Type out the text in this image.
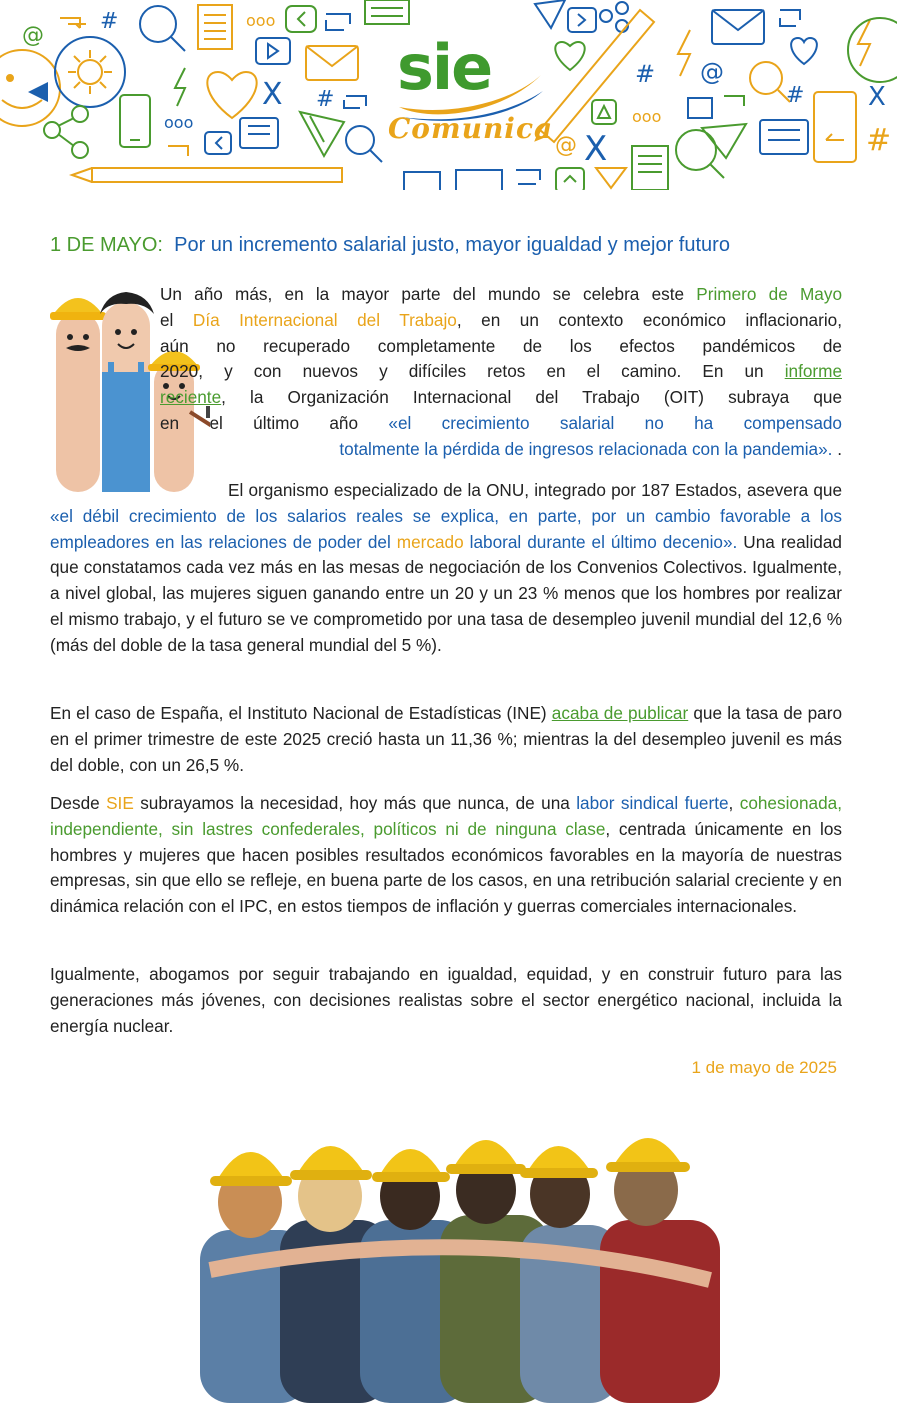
@
#	ooo
X #
ooo
# @
X
#
ooo
#
@ X
sie
Comunica
1 DE MAYO: Por un incremento salarial justo, mayor igualdad y mejor futuro
Un año más, en la mayor parte del mundo se celebra este Primero de Mayo
el Día Internacional del Trabajo, en un contexto económico inflacionario,
aún no recuperado completamente de los efectos pandémicos de
2020, y con nuevos y difíciles retos en el camino. En un informe
reciente, la Organización Internacional del Trabajo (OIT) subraya que
en el último año «el crecimiento salarial no ha compensado
totalmente la pérdida de ingresos relacionada con la pandemia». .
El organismo especializado de la ONU, integrado por 187 Estados, asevera que «el débil crecimiento de los salarios reales se explica, en parte, por un cambio favorable a los empleadores en las relaciones de poder del mercado laboral durante el último decenio». Una realidad que constatamos cada vez más en las mesas de negociación de los Convenios Colectivos. Igualmente, a nivel global, las mujeres siguen ganando entre un 20 y un 23 % menos que los hombres por realizar el mismo trabajo, y el futuro se ve comprometido por una tasa de desempleo juvenil mundial del 12,6 % (más del doble de la tasa general mundial del 5 %).
En el caso de España, el Instituto Nacional de Estadísticas (INE) acaba de publicar que la tasa de paro en el primer trimestre de este 2025 creció hasta un 11,36 %; mientras la del desempleo juvenil es más del doble, con un 26,5 %.
Desde SIE subrayamos la necesidad, hoy más que nunca, de una labor sindical fuerte, cohesionada, independiente, sin lastres confederales, políticos ni de ninguna clase, centrada únicamente en los hombres y mujeres que hacen posibles resultados económicos favorables en la mayoría de nuestras empresas, sin que ello se refleje, en buena parte de los casos, en una retribución salarial creciente y en dinámica relación con el IPC, en estos tiempos de inflación y guerras comerciales internacionales.
Igualmente, abogamos por seguir trabajando en igualdad, equidad, y en construir futuro para las generaciones más jóvenes, con decisiones realistas sobre el sector energético nacional, incluida la energía nuclear.
1 de mayo de 2025
